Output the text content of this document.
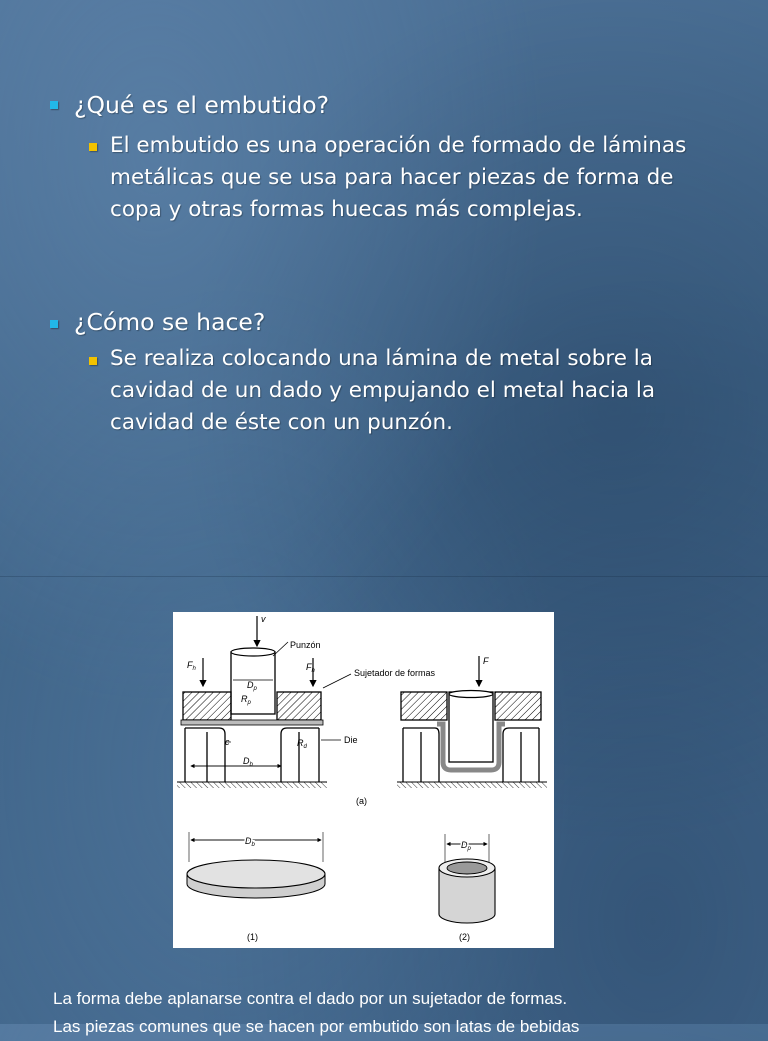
¿Qué es el embutido?
El embutido es una operación de formado de láminas
metálicas que se usa para hacer piezas de forma de
copa y otras formas huecas más complejas.
¿Cómo se hace?
Se realiza colocando una lámina de metal sobre la
cavidad de un dado y empujando el metal hacia la
cavidad de éste con un punzón.
v
Punzón
$D_p$
$R_p$
$F_h$	$F_h$	Sujetador de formas
c	$R_d$
Die
$D_b$
F
(a)
$D_b$
(1)
$D_p$
(2)
La forma debe aplanarse contra el dado por un sujetador de formas.
Las piezas comunes que se hacen por embutido son latas de bebidas
